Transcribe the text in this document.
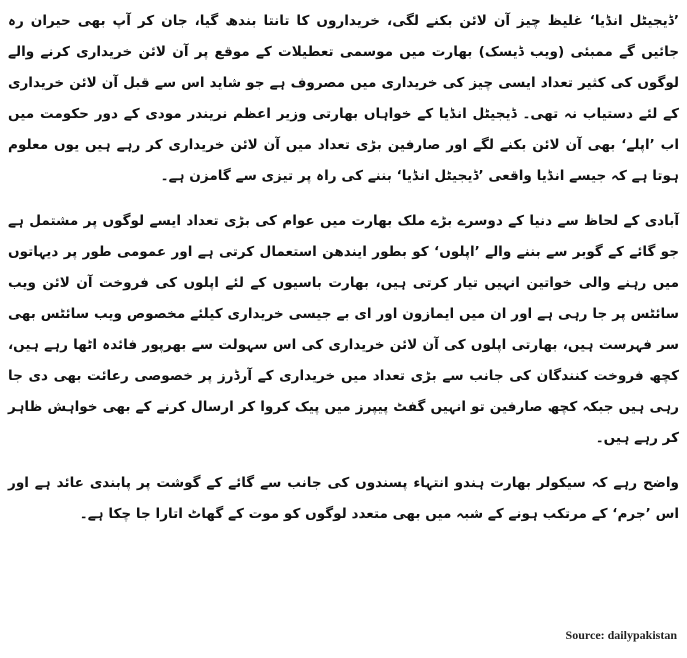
’ڈیجیٹل انڈیا‘ غلیظ چیز آن لائن بکنے لگی، خریداروں کا تانتا بندھ گیا، جان کر آپ بھی حیران رہ جائیں گے ممبئی (ویب ڈیسک) بھارت میں موسمی تعطیلات کے موقع پر آن لائن خریداری کرنے والے لوگوں کی کثیر تعداد ایسی چیز کی خریداری میں مصروف ہے جو شاید اس سے قبل آن لائن خریداری کے لئے دستیاب نہ تھی۔ ڈیجیٹل انڈیا کے خواہاں بھارتی وزیر اعظم نریندر مودی کے دور حکومت میں اب ’اپلے‘ بھی آن لائن بکنے لگے اور صارفین بڑی تعداد میں آن لائن خریداری کر رہے ہیں یوں معلوم ہوتا ہے کہ جیسے انڈیا واقعی ’ڈیجیٹل انڈیا‘ بننے کی راہ پر تیزی سے گامزن ہے۔

آبادی کے لحاظ سے دنیا کے دوسرے بڑے ملک بھارت میں عوام کی بڑی تعداد ایسے لوگوں پر مشتمل ہے جو گائے کے گوبر سے بننے والے ’اپلوں‘ کو بطور ایندھن استعمال کرتی ہے اور عمومی طور پر دیہاتوں میں رہنے والی خواتین انہیں تیار کرتی ہیں، بھارت باسیوں کے لئے اپلوں کی فروخت آن لائن ویب سائٹس پر جا رہی ہے اور ان میں ایمازون اور ای بے جیسی خریداری کیلئے مخصوص ویب سائٹس بھی سر فہرست ہیں، بھارتی اپلوں کی آن لائن خریداری کی اس سہولت سے بھرپور فائدہ اٹھا رہے ہیں، کچھ فروخت کنندگان کی جانب سے بڑی تعداد میں خریداری کے آرڈرز پر خصوصی رعائت بھی دی جا رہی ہیں جبکہ کچھ صارفین تو انہیں گفٹ پیپرز میں پیک کروا کر ارسال کرنے کے بھی خواہش ظاہر کر رہے ہیں۔

واضح رہے کہ سیکولر بھارت ہندو انتہاء پسندوں کی جانب سے گائے کے گوشت پر پابندی عائد ہے اور اس ’جرم‘ کے مرتکب ہونے کے شبہ میں بھی متعدد لوگوں کو موت کے گھاٹ اتارا جا چکا ہے۔

Source: dailypakistan
